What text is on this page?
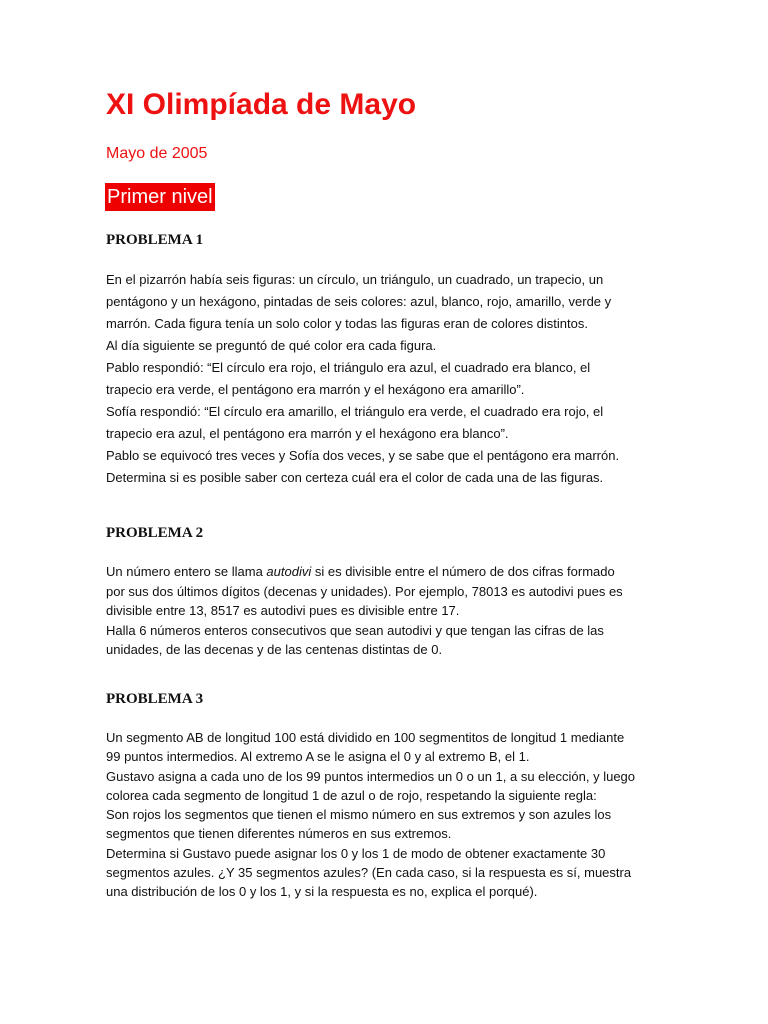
XI Olimpíada de Mayo
Mayo de 2005
Primer nivel
PROBLEMA 1

En el pizarrón había seis figuras: un círculo, un triángulo, un cuadrado, un trapecio, un
pentágono y un hexágono, pintadas de seis colores: azul, blanco, rojo, amarillo, verde y
marrón. Cada figura tenía un solo color y todas las figuras eran de colores distintos.
Al día siguiente se preguntó de qué color era cada figura.
Pablo respondió: “El círculo era rojo, el triángulo era azul, el cuadrado era blanco, el
trapecio era verde, el pentágono era marrón y el hexágono era amarillo”.
Sofía respondió: “El círculo era amarillo, el triángulo era verde, el cuadrado era rojo, el
trapecio era azul, el pentágono era marrón y el hexágono era blanco”.
Pablo se equivocó tres veces y Sofía dos veces, y se sabe que el pentágono era marrón.
Determina si es posible saber con certeza cuál era el color de cada una de las figuras.

PROBLEMA 2

Un número entero se llama autodivi si es divisible entre el número de dos cifras formado
por sus dos últimos dígitos (decenas y unidades). Por ejemplo, 78013 es autodivi pues es
divisible entre 13, 8517 es autodivi pues es divisible entre 17.
Halla 6 números enteros consecutivos que sean autodivi y que tengan las cifras de las
unidades, de las decenas y de las centenas distintas de 0.

PROBLEMA 3

Un segmento AB de longitud 100 está dividido en 100 segmentitos de longitud 1 mediante
99 puntos intermedios. Al extremo A se le asigna el 0 y al extremo B, el 1.
Gustavo asigna a cada uno de los 99 puntos intermedios un 0 o un 1, a su elección, y luego
colorea cada segmento de longitud 1 de azul o de rojo, respetando la siguiente regla:
Son rojos los segmentos que tienen el mismo número en sus extremos y son azules los
segmentos que tienen diferentes números en sus extremos.
Determina si Gustavo puede asignar los 0 y los 1 de modo de obtener exactamente 30
segmentos azules. ¿Y 35 segmentos azules? (En cada caso, si la respuesta es sí, muestra
una distribución de los 0 y los 1, y si la respuesta es no, explica el porqué).
